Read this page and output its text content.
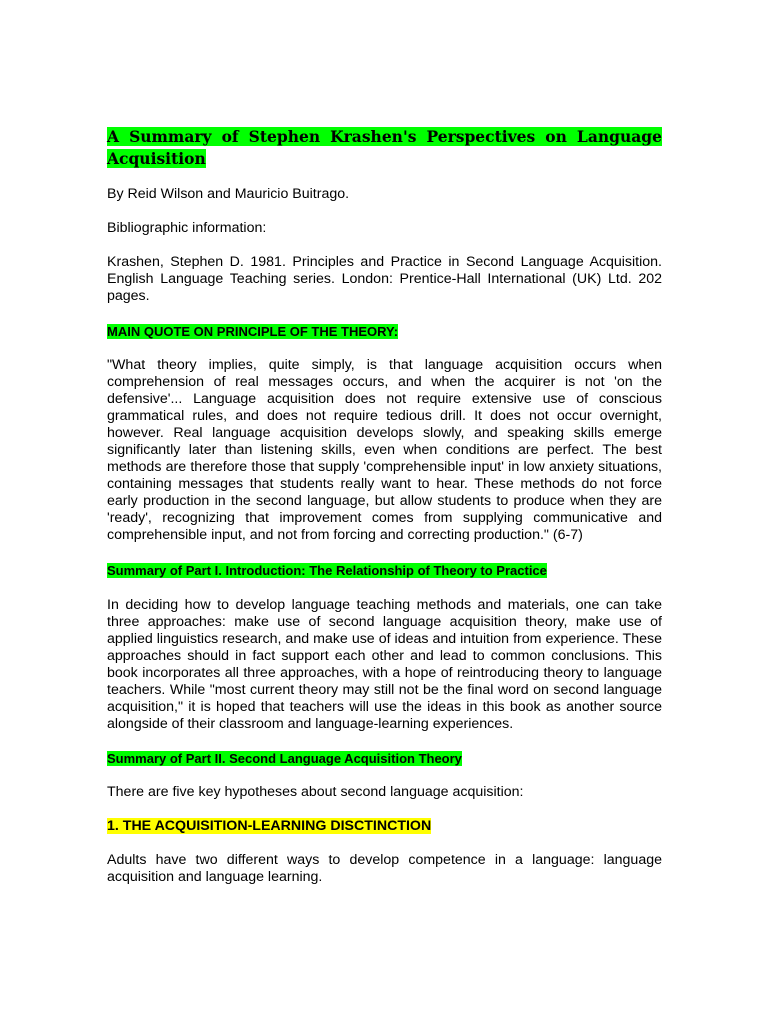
A Summary of Stephen Krashen's Perspectives on Language Acquisition

By Reid Wilson and Mauricio Buitrago.

Bibliographic information:

Krashen, Stephen D. 1981. Principles and Practice in Second Language Acquisition. English Language Teaching series. London: Prentice-Hall International (UK) Ltd. 202 pages.

MAIN QUOTE ON PRINCIPLE OF THE THEORY:

"What theory implies, quite simply, is that language acquisition occurs when comprehension of real messages occurs, and when the acquirer is not 'on the defensive'... Language acquisition does not require extensive use of conscious grammatical rules, and does not require tedious drill. It does not occur overnight, however. Real language acquisition develops slowly, and speaking skills emerge significantly later than listening skills, even when conditions are perfect. The best methods are therefore those that supply 'comprehensible input' in low anxiety situations, containing messages that students really want to hear. These methods do not force early production in the second language, but allow students to produce when they are 'ready', recognizing that improvement comes from supplying communicative and comprehensible input, and not from forcing and correcting production." (6-7)

Summary of Part I. Introduction: The Relationship of Theory to Practice

In deciding how to develop language teaching methods and materials, one can take three approaches: make use of second language acquisition theory, make use of applied linguistics research, and make use of ideas and intuition from experience. These approaches should in fact support each other and lead to common conclusions. This book incorporates all three approaches, with a hope of reintroducing theory to language teachers. While "most current theory may still not be the final word on second language acquisition," it is hoped that teachers will use the ideas in this book as another source alongside of their classroom and language-learning experiences.

Summary of Part II. Second Language Acquisition Theory

There are five key hypotheses about second language acquisition:

1. THE ACQUISITION-LEARNING DISCTINCTION

Adults have two different ways to develop competence in a language: language acquisition and language learning.
